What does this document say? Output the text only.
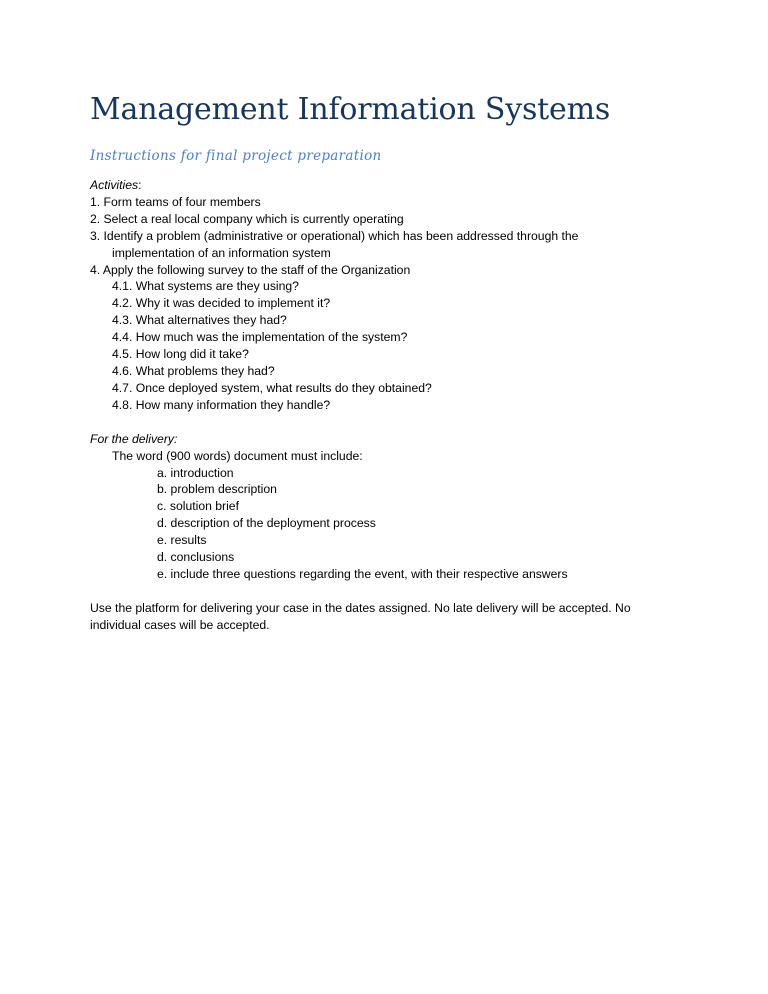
Management Information Systems
Instructions for final project preparation
Activities:
1. Form teams of four members
2. Select a real local company which is currently operating
3. Identify a problem (administrative or operational) which has been addressed through the
implementation of an information system
4. Apply the following survey to the staff of the Organization
4.1. What systems are they using?
4.2. Why it was decided to implement it?
4.3. What alternatives they had?
4.4. How much was the implementation of the system?
4.5. How long did it take?
4.6. What problems they had?
4.7. Once deployed system, what results do they obtained?
4.8. How many information they handle?
For the delivery:
The word (900 words) document must include:
a. introduction
b. problem description
c. solution brief
d. description of the deployment process
e. results
d. conclusions
e. include three questions regarding the event, with their respective answers
Use the platform for delivering your case in the dates assigned. No late delivery will be accepted. No
individual cases will be accepted.
